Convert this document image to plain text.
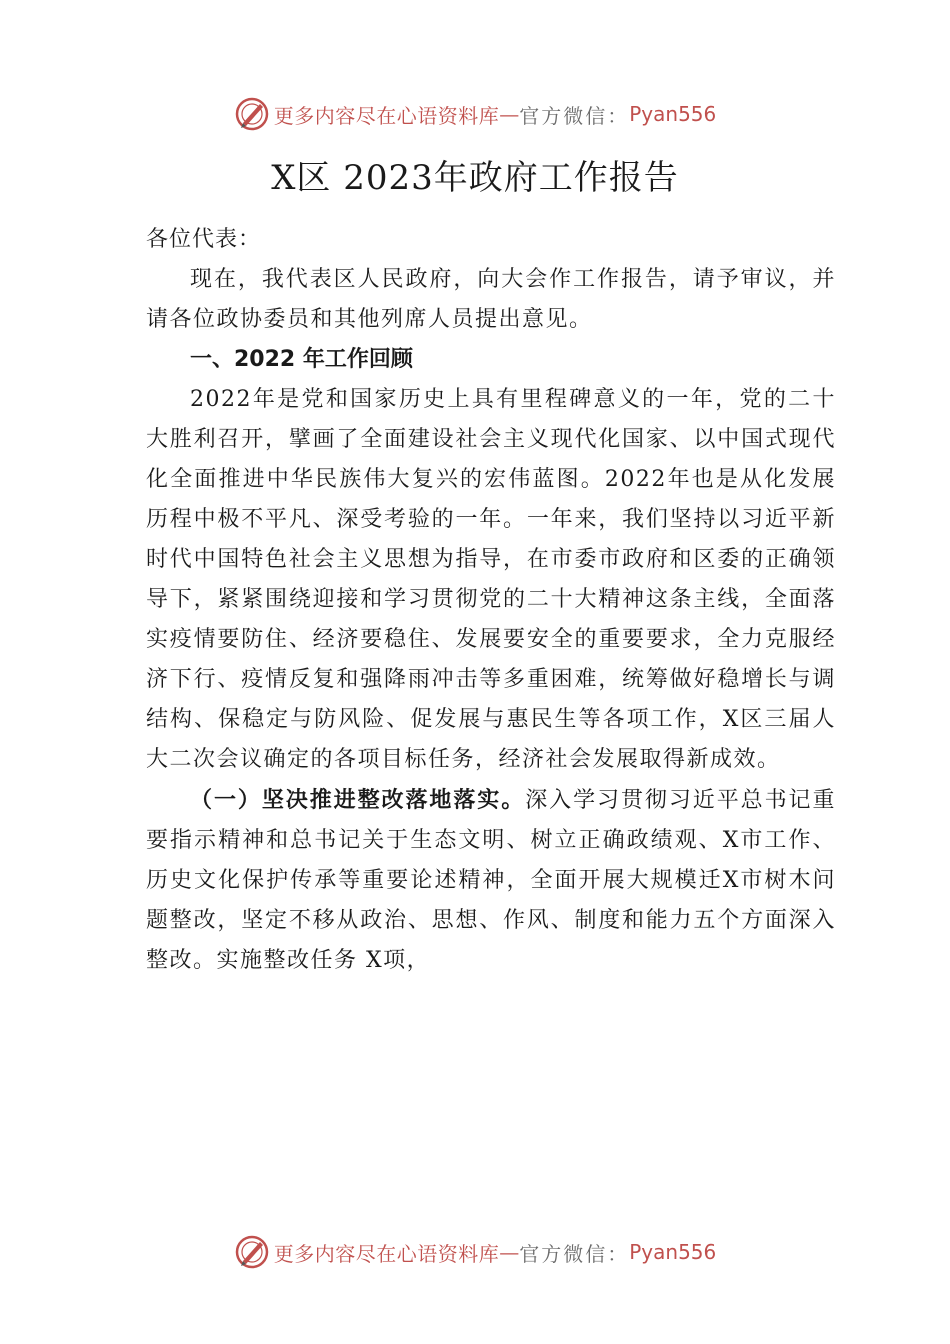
更多内容尽在心语资料库 — 官方微信： Pyan556
X区 2023年政府工作报告

各位代表：

现在，我代表区人民政府，向大会作工作报告，请予审议，并请各位政协委员和其他列席人员提出意见。

一、2022 年工作回顾

2022年是党和国家历史上具有里程碑意义的一年，党的二十大胜利召开，擘画了全面建设社会主义现代化国家、以中国式现代化全面推进中华民族伟大复兴的宏伟蓝图。2022年也是从化发展历程中极不平凡、深受考验的一年。一年来，我们坚持以习近平新时代中国特色社会主义思想为指导，在市委市政府和区委的正确领导下，紧紧围绕迎接和学习贯彻党的二十大精神这条主线，全面落实疫情要防住、经济要稳住、发展要安全的重要要求，全力克服经济下行、疫情反复和强降雨冲击等多重困难，统筹做好稳增长与调结构、保稳定与防风险、促发展与惠民生等各项工作，X区三届人大二次会议确定的各项目标任务，经济社会发展取得新成效。

（一）坚决推进整改落地落实。深入学习贯彻习近平总书记重要指示精神和总书记关于生态文明、树立正确政绩观、X市工作、历史文化保护传承等重要论述精神，全面开展大规模迁X市树木问题整改，坚定不移从政治、思想、作风、制度和能力五个方面深入整改。实施整改任务 X项，

更多内容尽在心语资料库 — 官方微信： Pyan556
